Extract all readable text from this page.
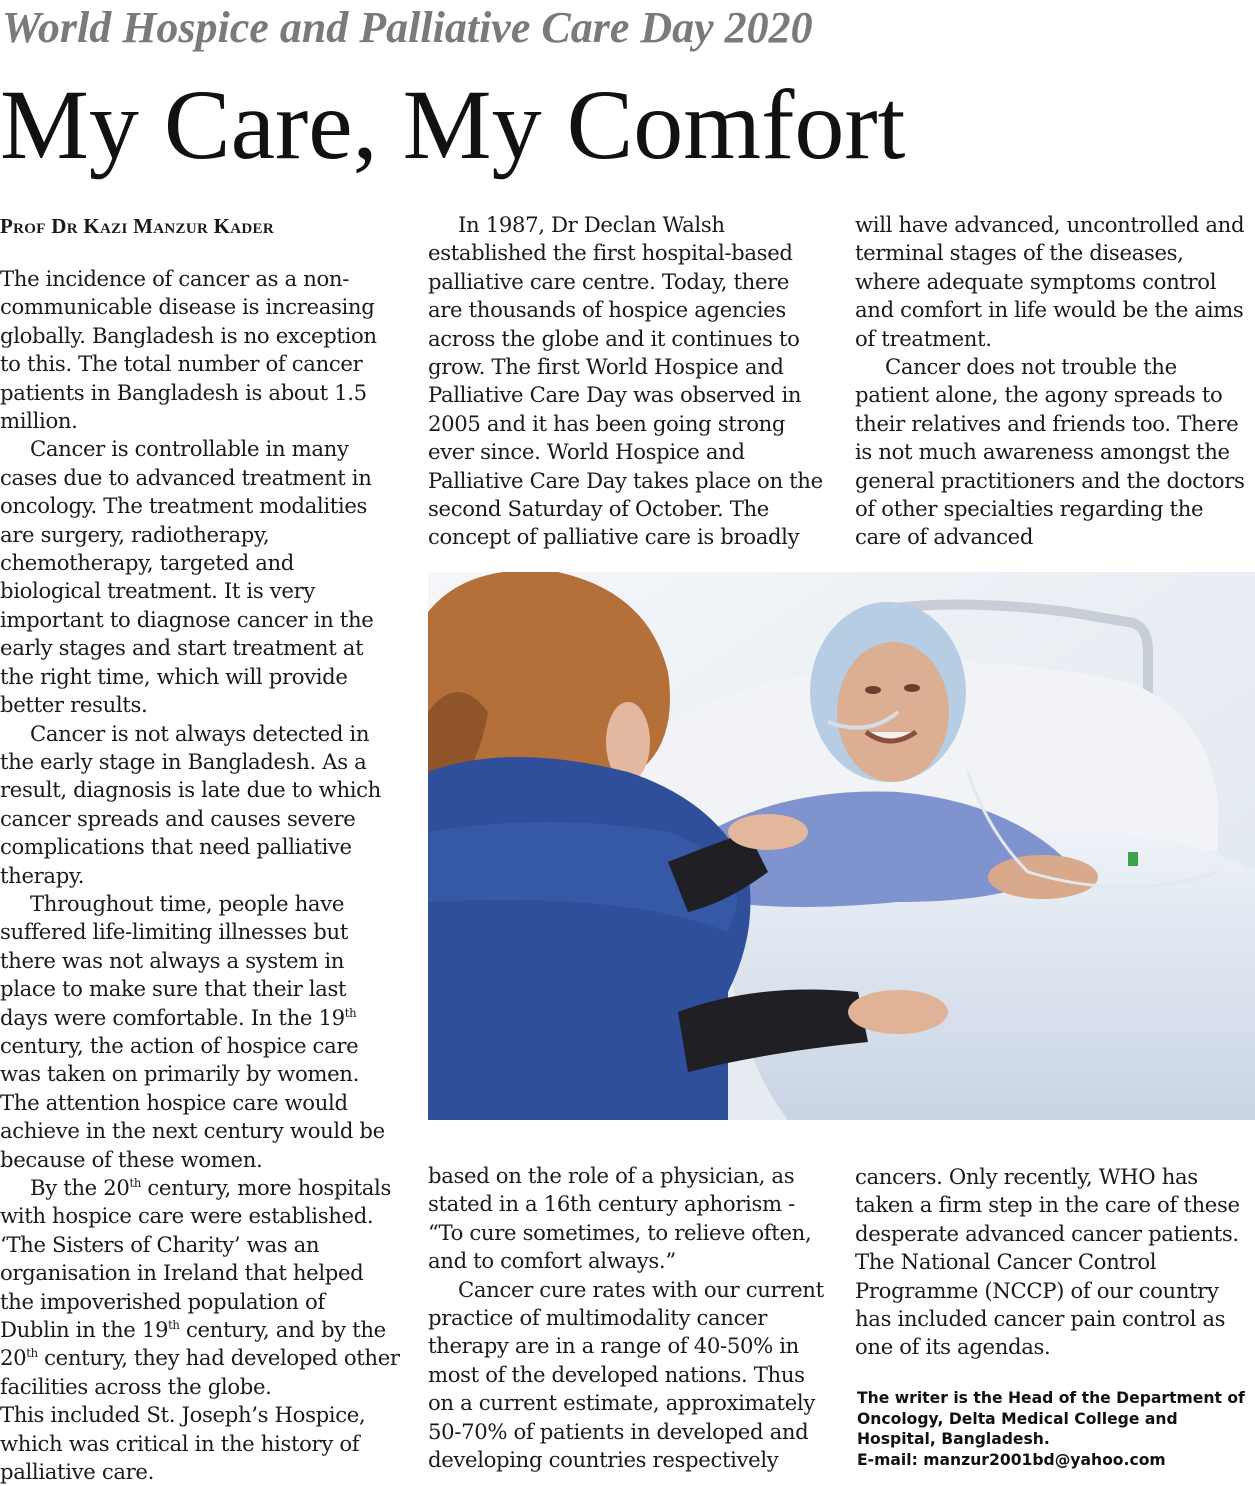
World Hospice and Palliative Care Day 2020
My Care, My Comfort
Prof Dr Kazi Manzur Kader

The incidence of cancer as a non-communicable disease is increasing globally. Bangladesh is no exception to this. The total number of cancer patients in Bangladesh is about 1.5 million.

Cancer is controllable in many cases due to advanced treatment in oncology. The treatment modalities are surgery, radiotherapy, chemotherapy, targeted and biological treatment. It is very important to diagnose cancer in the early stages and start treatment at the right time, which will provide better results.

Cancer is not always detected in the early stage in Bangladesh. As a result, diagnosis is late due to which cancer spreads and causes severe complications that need palliative therapy.

Throughout time, people have suffered life-limiting illnesses but there was not always a system in place to make sure that their last days were comfortable. In the 19th century, the action of hospice care was taken on primarily by women. The attention hospice care would achieve in the next century would be because of these women.

By the 20th century, more hospitals with hospice care were established. ‘The Sisters of Charity’ was an organisation in Ireland that helped the impoverished population of Dublin in the 19th century, and by the 20th century, they had developed other facilities across the globe.

This included St. Joseph’s Hospice, which was critical in the history of palliative care.

In 1987, Dr Declan Walsh established the first hospital-based palliative care centre. Today, there are thousands of hospice agencies across the globe and it continues to grow. The first World Hospice and Palliative Care Day was observed in 2005 and it has been going strong ever since. World Hospice and Palliative Care Day takes place on the second Saturday of October. The concept of palliative care is broadly

will have advanced, uncontrolled and terminal stages of the diseases, where adequate symptoms control and comfort in life would be the aims of treatment.

Cancer does not trouble the patient alone, the agony spreads to their relatives and friends too. There is not much awareness amongst the general practitioners and the doctors of other specialties regarding the care of advanced

based on the role of a physician, as stated in a 16th century aphorism - “To cure sometimes, to relieve often, and to comfort always.”

Cancer cure rates with our current practice of multimodality cancer therapy are in a range of 40-50% in most of the developed nations. Thus on a current estimate, approximately 50-70% of patients in developed and developing countries respectively

cancers. Only recently, WHO has taken a firm step in the care of these desperate advanced cancer patients. The National Cancer Control Programme (NCCP) of our country has included cancer pain control as one of its agendas.

The writer is the Head of the Department of Oncology, Delta Medical College and Hospital, Bangladesh.
E-mail: manzur2001bd@yahoo.com
